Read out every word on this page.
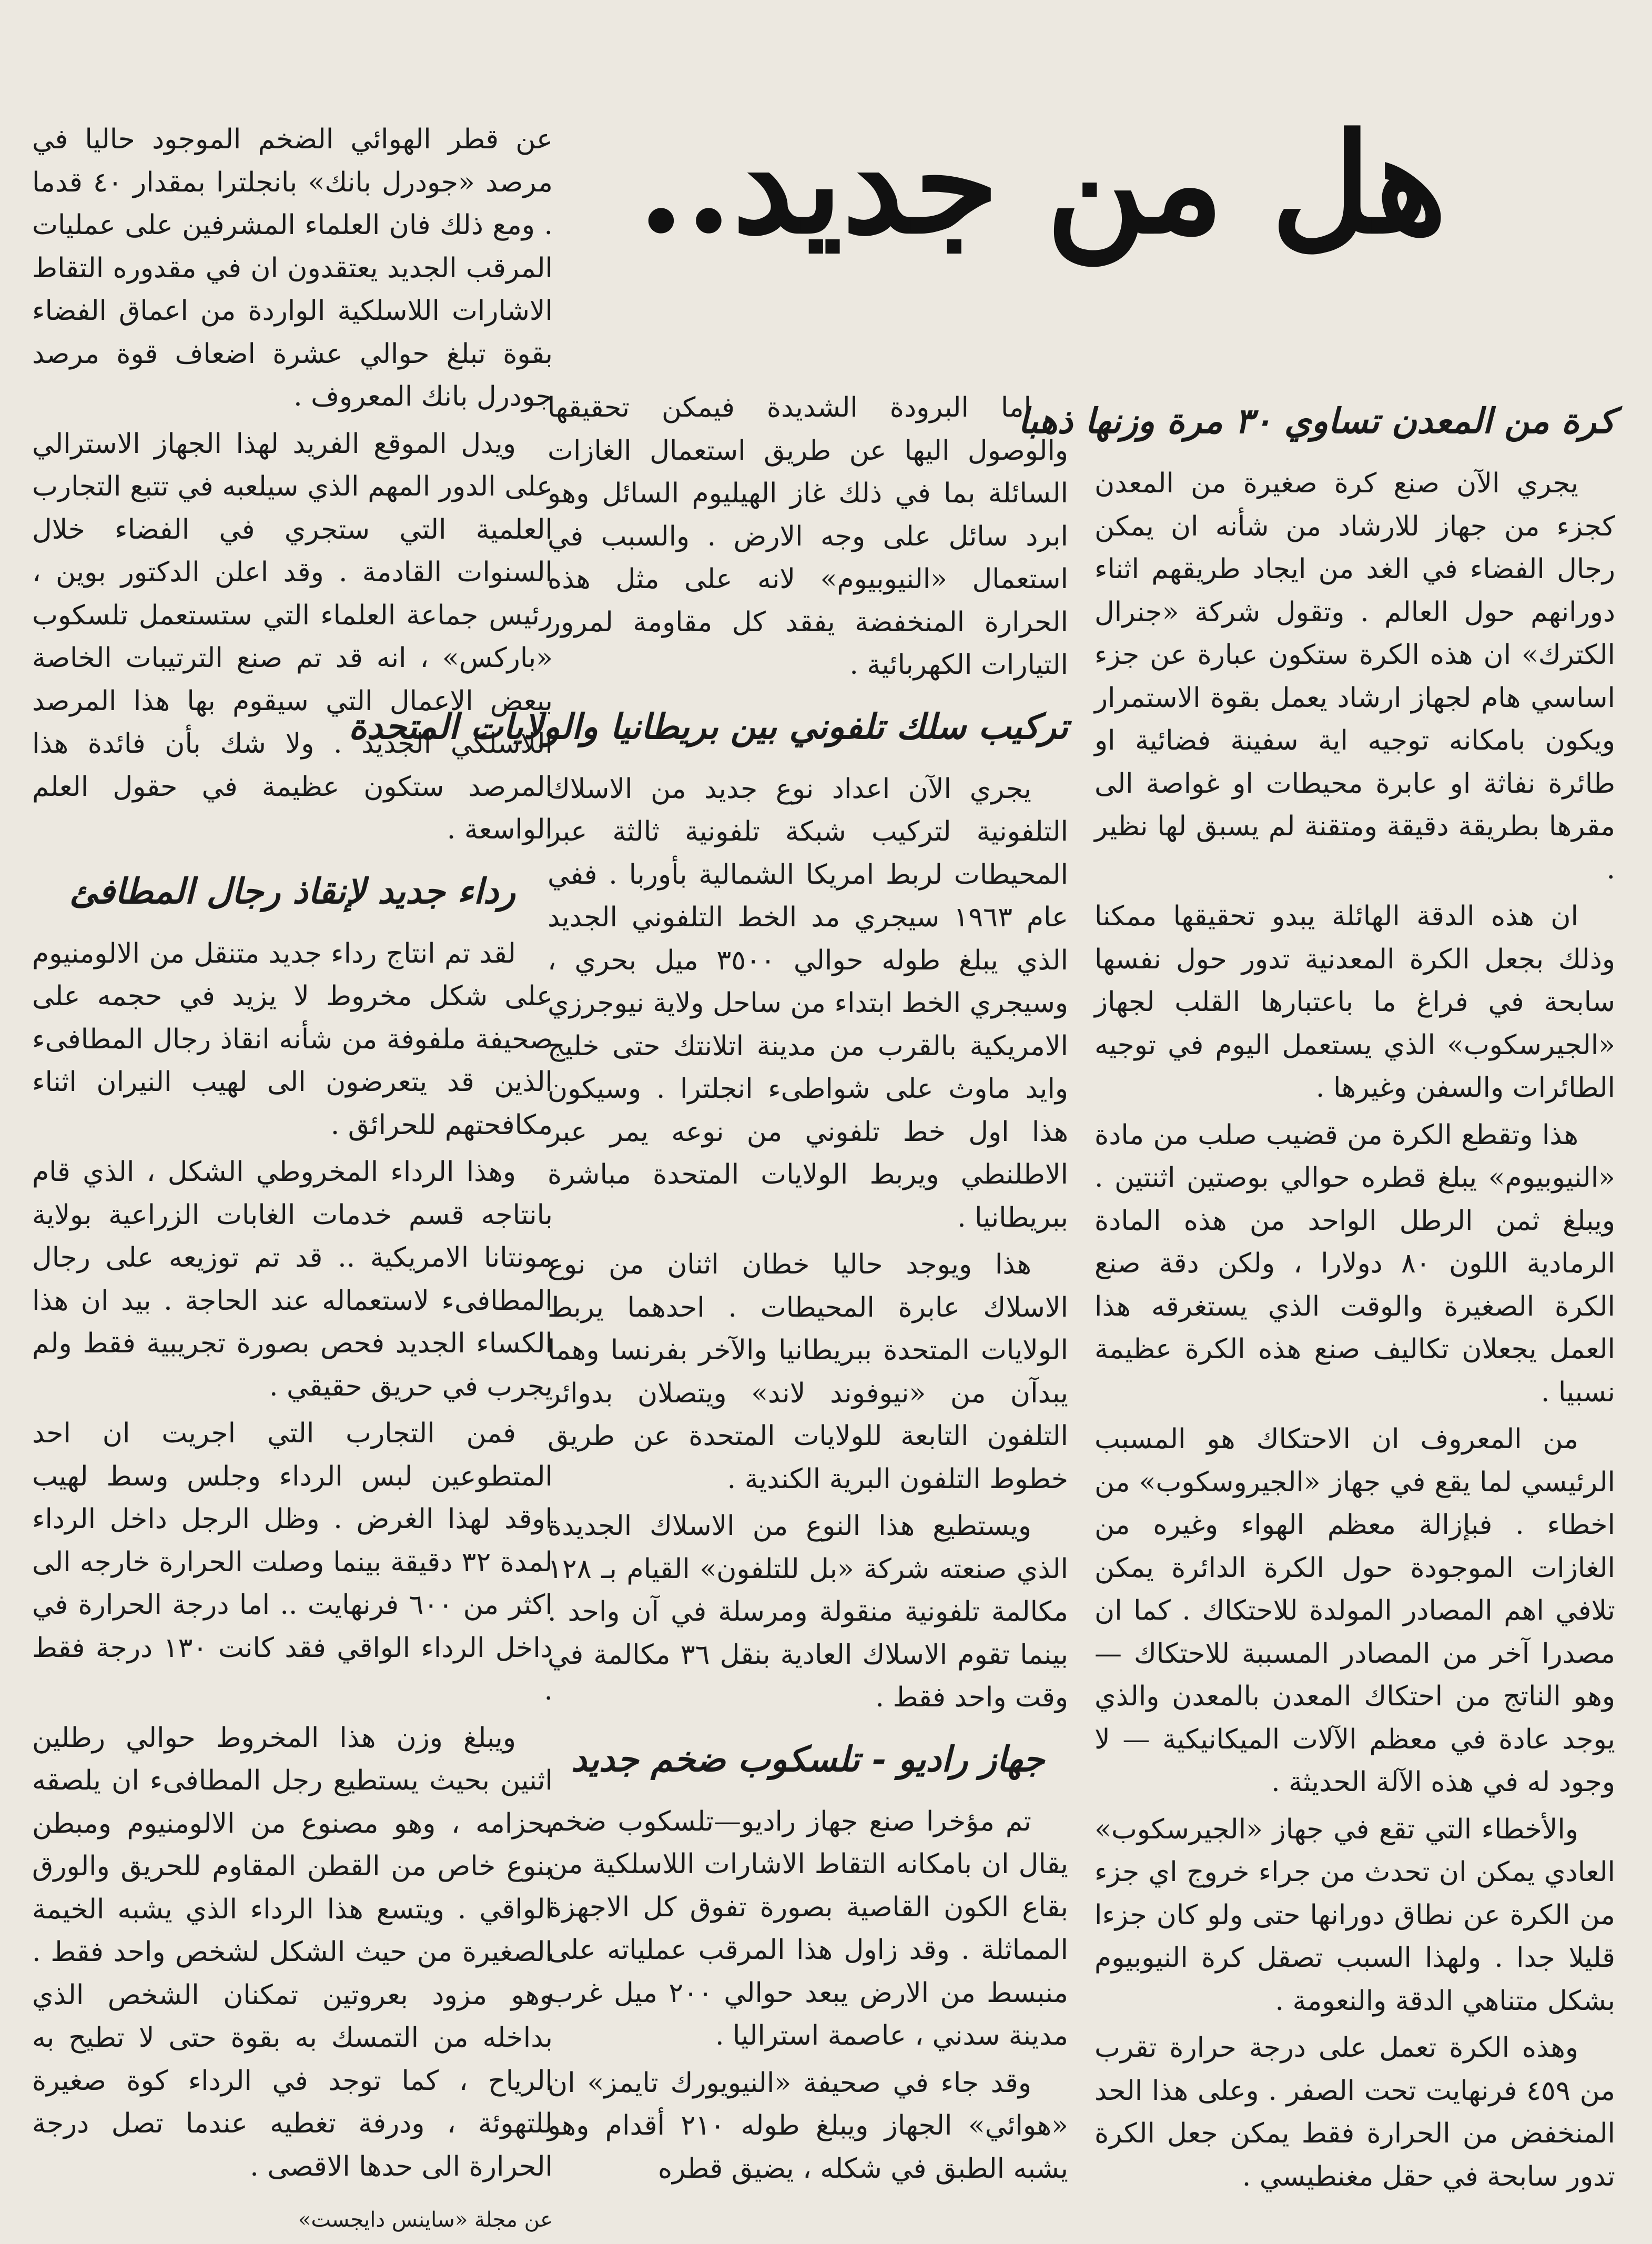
هل من جديد..
كرة من المعدن تساوي ٣٠ مرة وزنها ذهبا

يجري الآن صنع كرة صغيرة من المعدن كجزء من جهاز للارشاد من شأنه ان يمكن رجال الفضاء في الغد من ايجاد طريقهم اثناء دورانهم حول العالم . وتقول شركة «جنرال الكترك» ان هذه الكرة ستكون عبارة عن جزء اساسي هام لجهاز ارشاد يعمل بقوة الاستمرار ويكون بامكانه توجيه اية سفينة فضائية او طائرة نفاثة او عابرة محيطات او غواصة الى مقرها بطريقة دقيقة ومتقنة لم يسبق لها نظير .

ان هذه الدقة الهائلة يبدو تحقيقها ممكنا وذلك بجعل الكرة المعدنية تدور حول نفسها سابحة في فراغ ما باعتبارها القلب لجهاز «الجيرسكوب» الذي يستعمل اليوم في توجيه الطائرات والسفن وغيرها .

هذا وتقطع الكرة من قضيب صلب من مادة «النيوبيوم» يبلغ قطره حوالي بوصتين اثنتين . ويبلغ ثمن الرطل الواحد من هذه المادة الرمادية اللون ٨٠ دولارا ، ولكن دقة صنع الكرة الصغيرة والوقت الذي يستغرقه هذا العمل يجعلان تكاليف صنع هذه الكرة عظيمة نسبيا .

من المعروف ان الاحتكاك هو المسبب الرئيسي لما يقع في جهاز «الجيروسكوب» من اخطاء . فبإزالة معظم الهواء وغيره من الغازات الموجودة حول الكرة الدائرة يمكن تلافي اهم المصادر المولدة للاحتكاك . كما ان مصدرا آخر من المصادر المسببة للاحتكاك — وهو الناتج من احتكاك المعدن بالمعدن والذي يوجد عادة في معظم الآلات الميكانيكية — لا وجود له في هذه الآلة الحديثة .

والأخطاء التي تقع في جهاز «الجيرسكوب» العادي يمكن ان تحدث من جراء خروج اي جزء من الكرة عن نطاق دورانها حتى ولو كان جزءا قليلا جدا . ولهذا السبب تصقل كرة النيوبيوم بشكل متناهي الدقة والنعومة .

وهذه الكرة تعمل على درجة حرارة تقرب من ٤٥٩ فرنهايت تحت الصفر . وعلى هذا الحد المنخفض من الحرارة فقط يمكن جعل الكرة تدور سابحة في حقل مغنطيسي .

اما البرودة الشديدة فيمكن تحقيقها والوصول اليها عن طريق استعمال الغازات السائلة بما في ذلك غاز الهيليوم السائل وهو ابرد سائل على وجه الارض . والسبب في استعمال «النيوبيوم» لانه على مثل هذه الحرارة المنخفضة يفقد كل مقاومة لمرور التيارات الكهربائية .

تركيب سلك تلفوني بين بريطانيا والولايات المتحدة

يجري الآن اعداد نوع جديد من الاسلاك التلفونية لتركيب شبكة تلفونية ثالثة عبر المحيطات لربط امريكا الشمالية بأوربا . ففي عام ١٩٦٣ سيجري مد الخط التلفوني الجديد الذي يبلغ طوله حوالي ٣٥٠٠ ميل بحري ، وسيجري الخط ابتداء من ساحل ولاية نيوجرزي الامريكية بالقرب من مدينة اتلانتك حتى خليج وايد ماوث على شواطىء انجلترا . وسيكون هذا اول خط تلفوني من نوعه يمر عبر الاطلنطي ويربط الولايات المتحدة مباشرة ببريطانيا .

هذا ويوجد حاليا خطان اثنان من نوع الاسلاك عابرة المحيطات . احدهما يربط الولايات المتحدة ببريطانيا والآخر بفرنسا وهما يبدآن من «نيوفوند لاند» ويتصلان بدوائر التلفون التابعة للولايات المتحدة عن طريق خطوط التلفون البرية الكندية .

ويستطيع هذا النوع من الاسلاك الجديدة الذي صنعته شركة «بل للتلفون» القيام بـ ١٢٨ مكالمة تلفونية منقولة ومرسلة في آن واحد . بينما تقوم الاسلاك العادية بنقل ٣٦ مكالمة في وقت واحد فقط .

جهاز راديو - تلسكوب ضخم جديد

تم مؤخرا صنع جهاز راديو—تلسكوب ضخم يقال ان بامكانه التقاط الاشارات اللاسلكية من بقاع الكون القاصية بصورة تفوق كل الاجهزة المماثلة . وقد زاول هذا المرقب عملياته على منبسط من الارض يبعد حوالي ٢٠٠ ميل غرب مدينة سدني ، عاصمة استراليا .

وقد جاء في صحيفة «النيويورك تايمز» ان «هوائي» الجهاز ويبلغ طوله ٢١٠ أقدام وهو يشبه الطبق في شكله ، يضيق قطره

عن قطر الهوائي الضخم الموجود حاليا في مرصد «جودرل بانك» بانجلترا بمقدار ٤٠ قدما . ومع ذلك فان العلماء المشرفين على عمليات المرقب الجديد يعتقدون ان في مقدوره التقاط الاشارات اللاسلكية الواردة من اعماق الفضاء بقوة تبلغ حوالي عشرة اضعاف قوة مرصد جودرل بانك المعروف .

ويدل الموقع الفريد لهذا الجهاز الاسترالي على الدور المهم الذي سيلعبه في تتبع التجارب العلمية التي ستجري في الفضاء خلال السنوات القادمة . وقد اعلن الدكتور بوين ، رئيس جماعة العلماء التي ستستعمل تلسكوب «باركس» ، انه قد تم صنع الترتيبات الخاصة ببعض الاعمال التي سيقوم بها هذا المرصد اللاسلكي الجديد . ولا شك بأن فائدة هذا المرصد ستكون عظيمة في حقول العلم الواسعة .

رداء جديد لإنقاذ رجال المطافئ

لقد تم انتاج رداء جديد متنقل من الالومنيوم على شكل مخروط لا يزيد في حجمه على صحيفة ملفوفة من شأنه انقاذ رجال المطافىء الذين قد يتعرضون الى لهيب النيران اثناء مكافحتهم للحرائق .

وهذا الرداء المخروطي الشكل ، الذي قام بانتاجه قسم خدمات الغابات الزراعية بولاية مونتانا الامريكية .. قد تم توزيعه على رجال المطافىء لاستعماله عند الحاجة . بيد ان هذا الكساء الجديد فحص بصورة تجريبية فقط ولم يجرب في حريق حقيقي .

فمن التجارب التي اجريت ان احد المتطوعين لبس الرداء وجلس وسط لهيب اوقد لهذا الغرض . وظل الرجل داخل الرداء لمدة ٣٢ دقيقة بينما وصلت الحرارة خارجه الى اكثر من ٦٠٠ فرنهايت .. اما درجة الحرارة في داخل الرداء الواقي فقد كانت ١٣٠ درجة فقط .

ويبلغ وزن هذا المخروط حوالي رطلين اثنين بحيث يستطيع رجل المطافىء ان يلصقه بحزامه ، وهو مصنوع من الالومنيوم ومبطن بنوع خاص من القطن المقاوم للحريق والورق الواقي . ويتسع هذا الرداء الذي يشبه الخيمة الصغيرة من حيث الشكل لشخص واحد فقط . وهو مزود بعروتين تمكنان الشخص الذي بداخله من التمسك به بقوة حتى لا تطيح به الرياح ، كما توجد في الرداء كوة صغيرة للتهوئة ، ودرفة تغطيه عندما تصل درجة الحرارة الى حدها الاقصى .

عن مجلة «ساينس دايجست»
